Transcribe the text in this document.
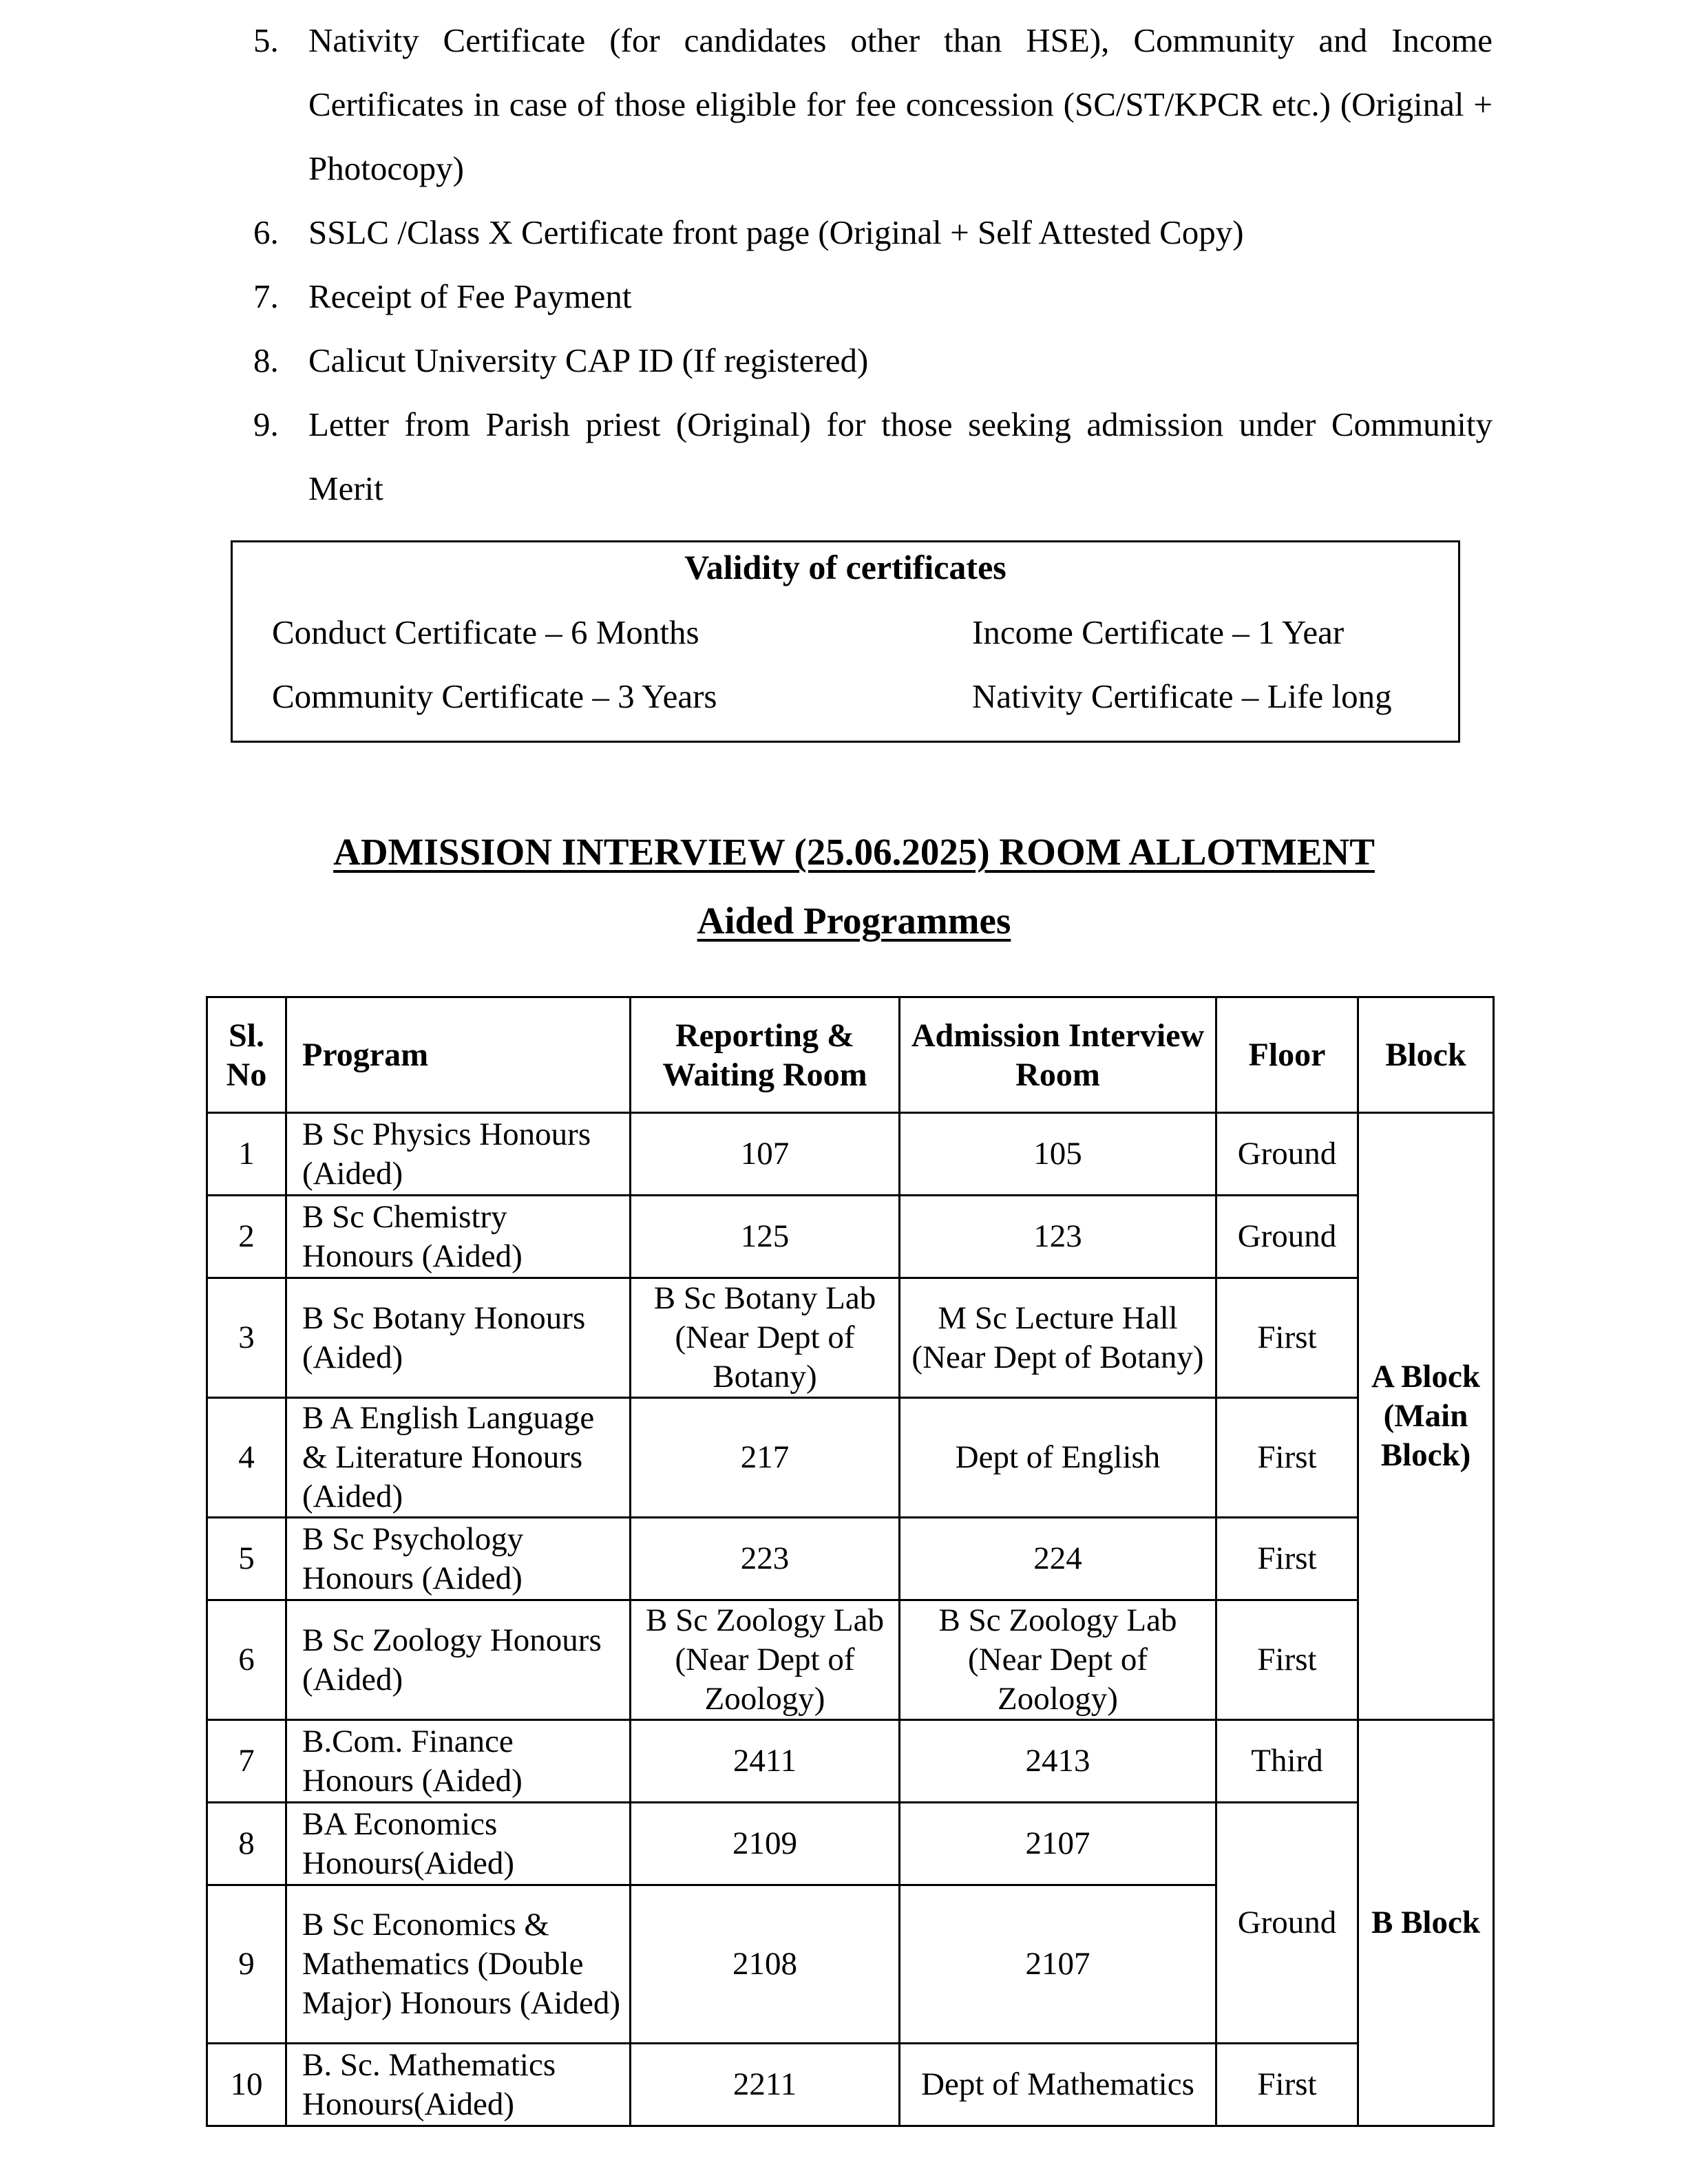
5. Nativity Certificate (for candidates other than HSE), Community and Income Certificates in case of those eligible for fee concession (SC/ST/KPCR etc.) (Original + Photocopy)
6. SSLC /Class X Certificate front page (Original + Self Attested Copy)
7. Receipt of Fee Payment
8. Calicut University CAP ID (If registered)
9. Letter from Parish priest (Original) for those seeking admission under Community Merit
Validity of certificates
Conduct Certificate – 6 Months	Income Certificate – 1 Year
Community Certificate – 3 Years	Nativity Certificate – Life long
ADMISSION INTERVIEW (25.06.2025) ROOM ALLOTMENT
Aided Programmes
Sl. No	Program	Reporting & Waiting Room	Admission Interview Room	Floor	Block
1	B Sc Physics Honours (Aided)	107	105	Ground	A Block (Main Block)
2	B Sc Chemistry Honours (Aided)	125	123	Ground	
3	B Sc Botany Honours (Aided)	B Sc Botany Lab (Near Dept of Botany)	M Sc Lecture Hall (Near Dept of Botany)	First	
4	B A English Language & Literature Honours (Aided)	217	Dept of English	First	
5	B Sc Psychology Honours (Aided)	223	224	First	
6	B Sc Zoology Honours (Aided)	B Sc Zoology Lab (Near Dept of Zoology)	B Sc Zoology Lab (Near Dept of Zoology)	First	
7	B.Com. Finance Honours (Aided)	2411	2413	Third	B Block
8	BA Economics Honours(Aided)	2109	2107	Ground	
9	B Sc Economics & Mathematics (Double Major) Honours (Aided)	2108	2107		
10	B. Sc. Mathematics Honours(Aided)	2211	Dept of Mathematics	First	
